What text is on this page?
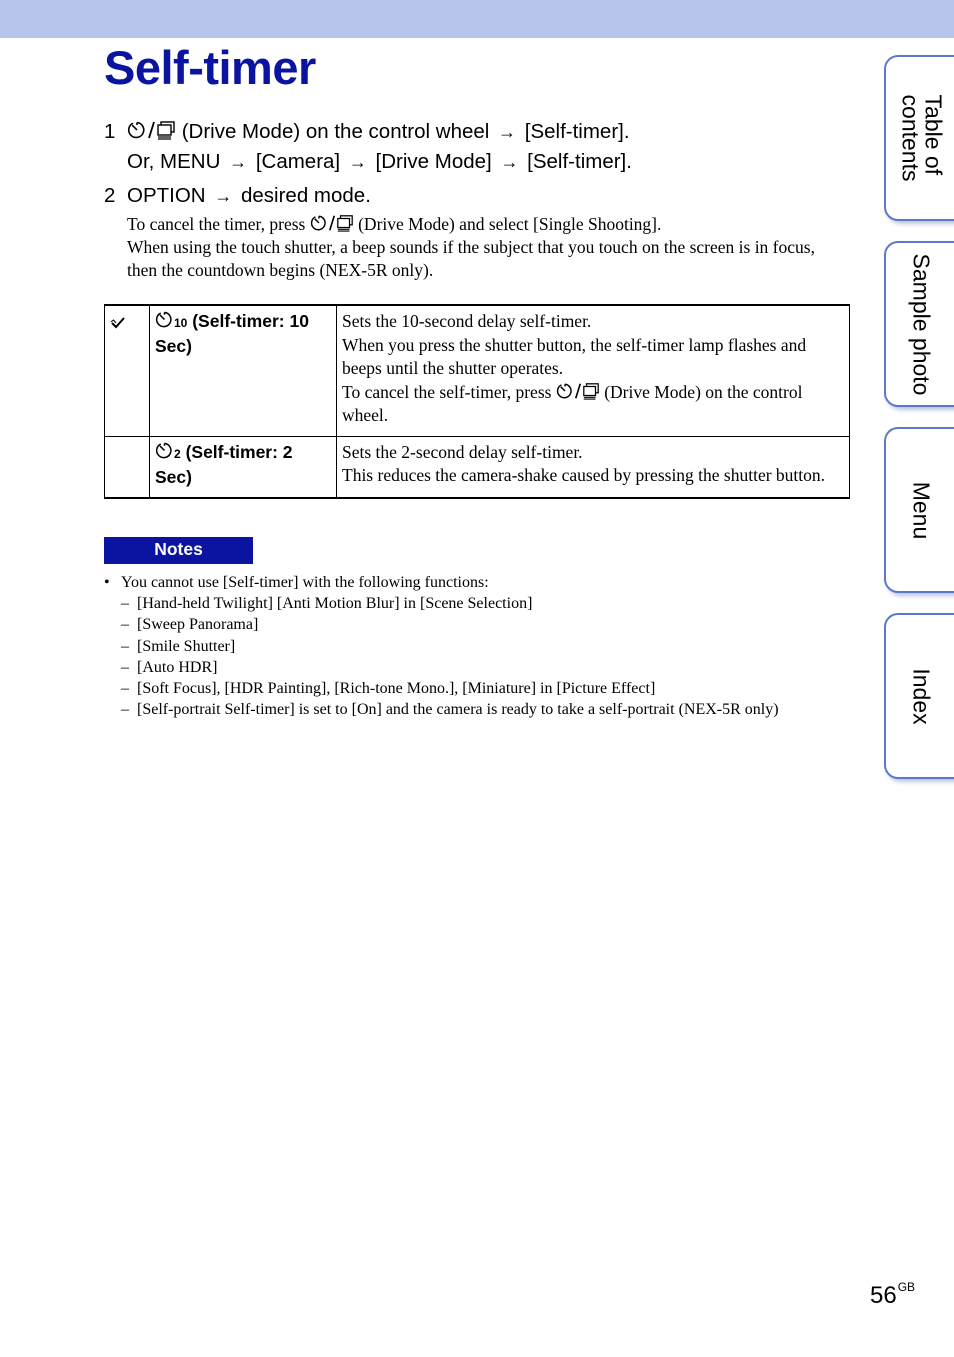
Self-timer
1	(Drive Mode) on the control wheel → [Self-timer].
Or, MENU → [Camera] → [Drive Mode] → [Self-timer].
2 OPTION → desired mode.
To cancel the timer, press	(Drive Mode) and select [Single Shooting].
When using the touch shutter, a beep sounds if the subject that you touch on the screen is in focus, then the countdown begins (NEX-5R only).
	10 (Self-timer: 10 Sec)	Sets the 10-second delay self-timer.
When you press the shutter button, the self-timer lamp flashes and beeps until the shutter operates.
To cancel the self-timer, press (Drive Mode) on the control wheel.

	2 (Self-timer: 2 Sec)	Sets the 2-second delay self-timer.
This reduces the camera-shake caused by pressing the shutter button.
Notes
• You cannot use [Self-timer] with the following functions:
– [Hand-held Twilight] [Anti Motion Blur] in [Scene Selection]
– [Sweep Panorama]
– [Smile Shutter]
– [Auto HDR]
– [Soft Focus], [HDR Painting], [Rich-tone Mono.], [Miniature] in [Picture Effect]
– [Self-portrait Self-timer] is set to [On] and the camera is ready to take a self-portrait (NEX-5R only)
Table of
contents
Sample photo
Menu
Index
$56^{GB}$
